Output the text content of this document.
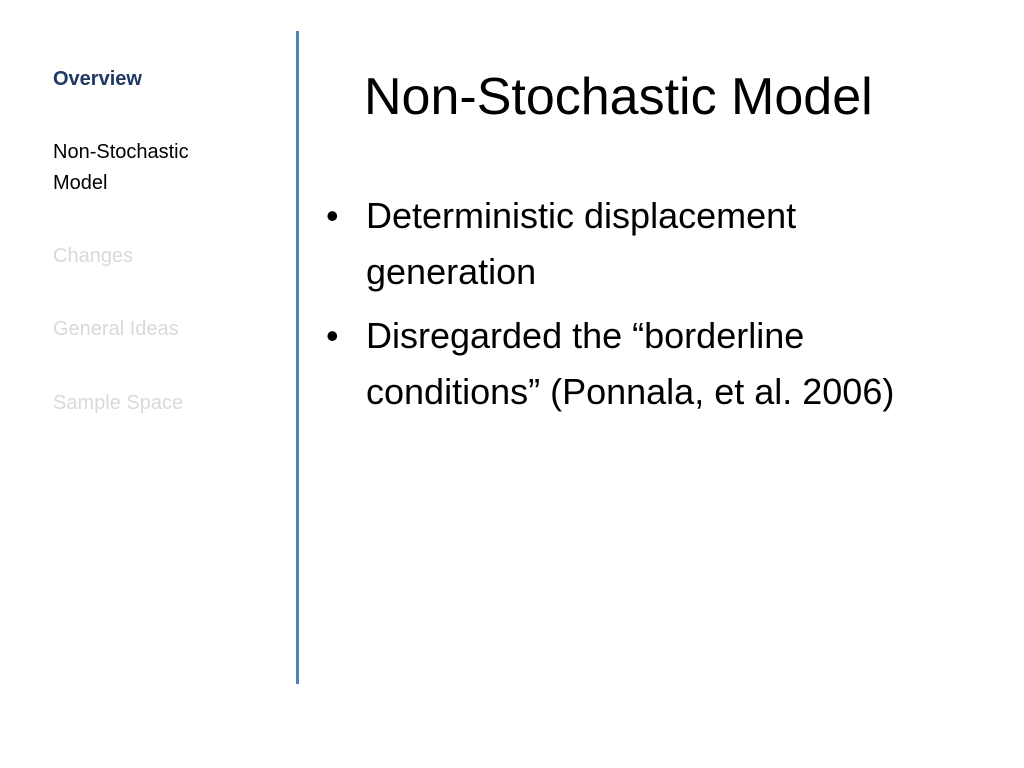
Overview
Non-Stochastic Model
Changes
General Ideas
Sample Space
Non-Stochastic Model
• Deterministic displacement generation
• Disregarded the “borderline conditions” (Ponnala, et al. 2006)
